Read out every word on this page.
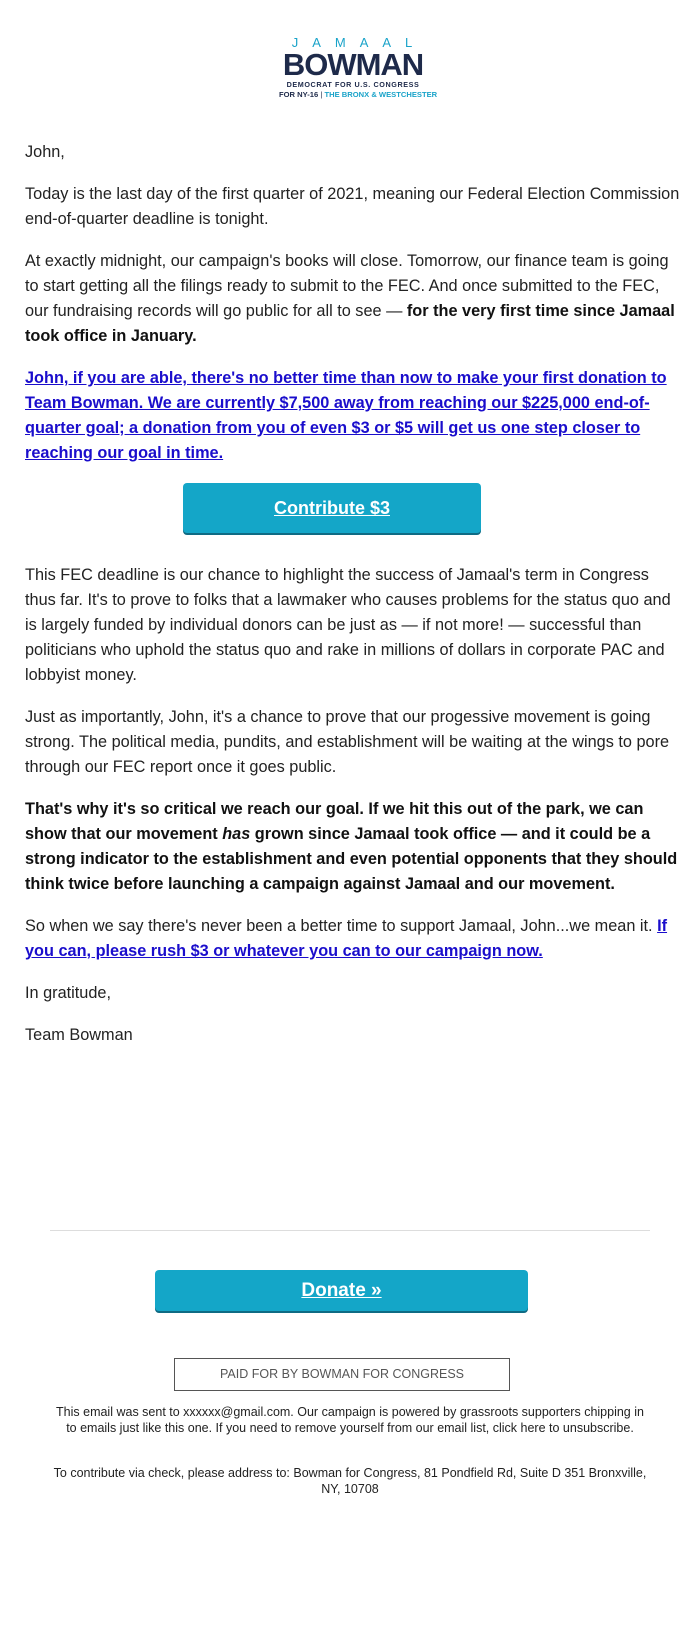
JAMAAL
BOWMAN
DEMOCRAT FOR U.S. CONGRESS
FOR NY-16 | THE BRONX & WESTCHESTER

John,

Today is the last day of the first quarter of 2021, meaning our Federal Election Commission end-of-quarter deadline is tonight.

At exactly midnight, our campaign's books will close. Tomorrow, our finance team is going to start getting all the filings ready to submit to the FEC. And once submitted to the FEC, our fundraising records will go public for all to see — for the very first time since Jamaal took office in January.

John, if you are able, there's no better time than now to make your first donation to Team Bowman. We are currently $7,500 away from reaching our $225,000 end-of-quarter goal; a donation from you of even $3 or $5 will get us one step closer to reaching our goal in time.

Contribute $3

This FEC deadline is our chance to highlight the success of Jamaal's term in Congress thus far. It's to prove to folks that a lawmaker who causes problems for the status quo and is largely funded by individual donors can be just as — if not more! — successful than politicians who uphold the status quo and rake in millions of dollars in corporate PAC and lobbyist money.

Just as importantly, John, it's a chance to prove that our progessive movement is going strong. The political media, pundits, and establishment will be waiting at the wings to pore through our FEC report once it goes public.

That's why it's so critical we reach our goal. If we hit this out of the park, we can show that our movement has grown since Jamaal took office — and it could be a strong indicator to the establishment and even potential opponents that they should think twice before launching a campaign against Jamaal and our movement.

So when we say there's never been a better time to support Jamaal, John...we mean it. If you can, please rush $3 or whatever you can to our campaign now.

In gratitude,

Team Bowman

Donate »
PAID FOR BY BOWMAN FOR CONGRESS
This email was sent to xxxxxx@gmail.com. Our campaign is powered by grassroots supporters chipping in to emails just like this one. If you need to remove yourself from our email list, click here to unsubscribe.
To contribute via check, please address to: Bowman for Congress, 81 Pondfield Rd, Suite D 351 Bronxville, NY, 10708
